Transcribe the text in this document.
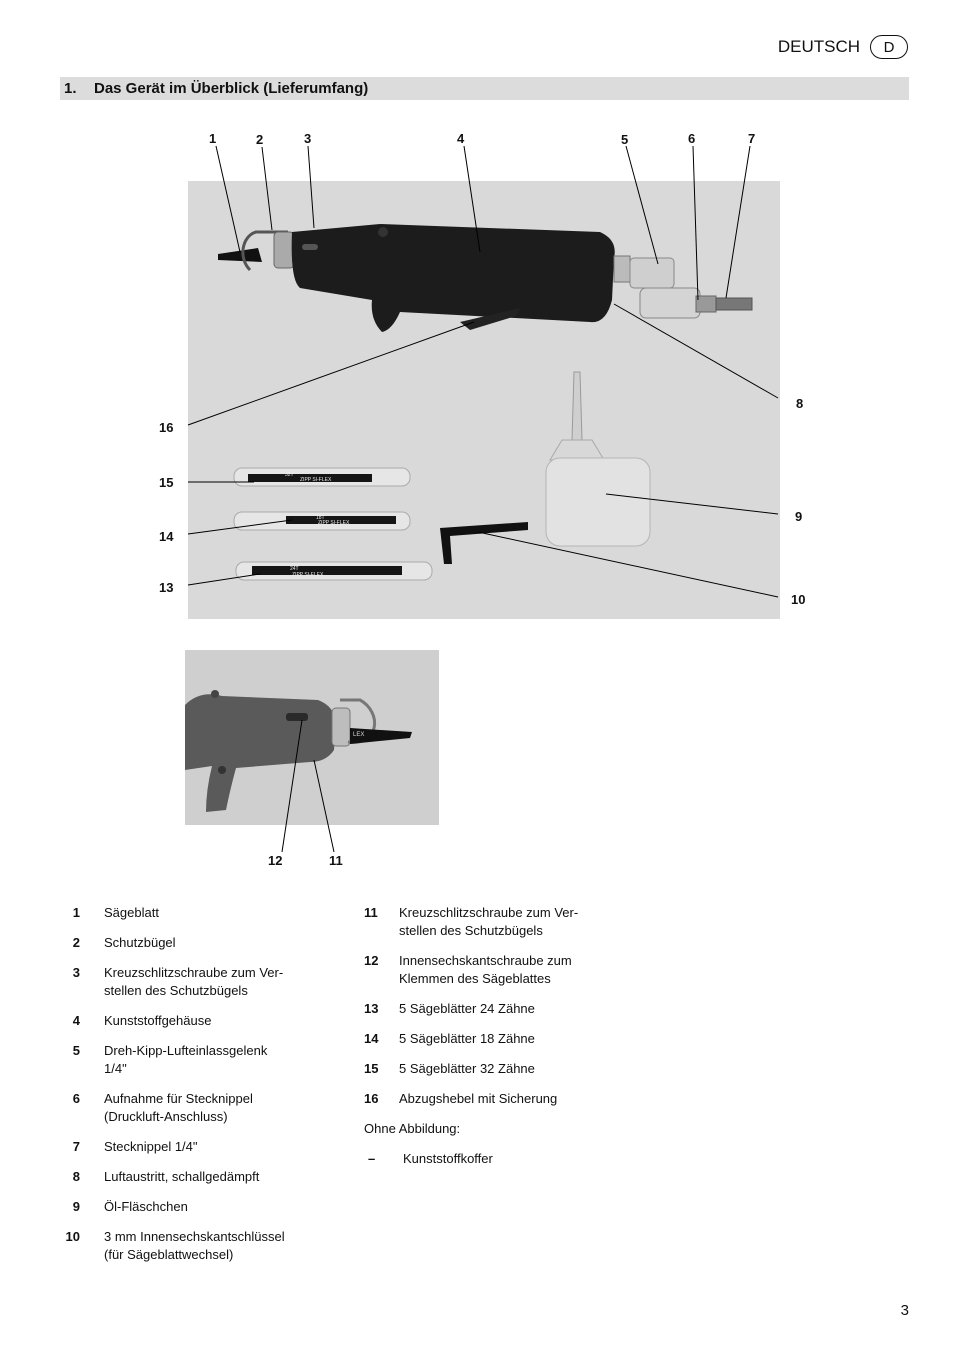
DEUTSCH	D
1.	Das Gerät im Überblick (Lieferumfang)
32T
ZIPP SI-FLEX
18T
ZIPP SI-FLEX
24T
ZIPP SI-FLEX
LEX
1	2	3	4	5	6	7
8
9
10
11
12
13
14
15
16
1 Sägeblatt
2 Schutzbügel
3 Kreuzschlitzschraube zum Ver-
stellen des Schutzbügels
4 Kunststoffgehäuse
5 Dreh-Kipp-Lufteinlassgelenk
1/4"
6 Aufnahme für Stecknippel
(Druckluft-Anschluss)
7 Stecknippel 1/4"
8 Luftaustritt, schallgedämpft
9 Öl-Fläschchen
10 3 mm Innensechskantschlüssel
(für Sägeblattwechsel)
11	Kreuzschlitzschraube zum Ver-
stellen des Schutzbügels
12	Innensechskantschraube zum
Klemmen des Sägeblattes
13	5 Sägeblätter 24 Zähne
14	5 Sägeblätter 18 Zähne
15	5 Sägeblätter 32 Zähne
16	Abzugshebel mit Sicherung
Ohne Abbildung:
–	Kunststoffkoffer
3
